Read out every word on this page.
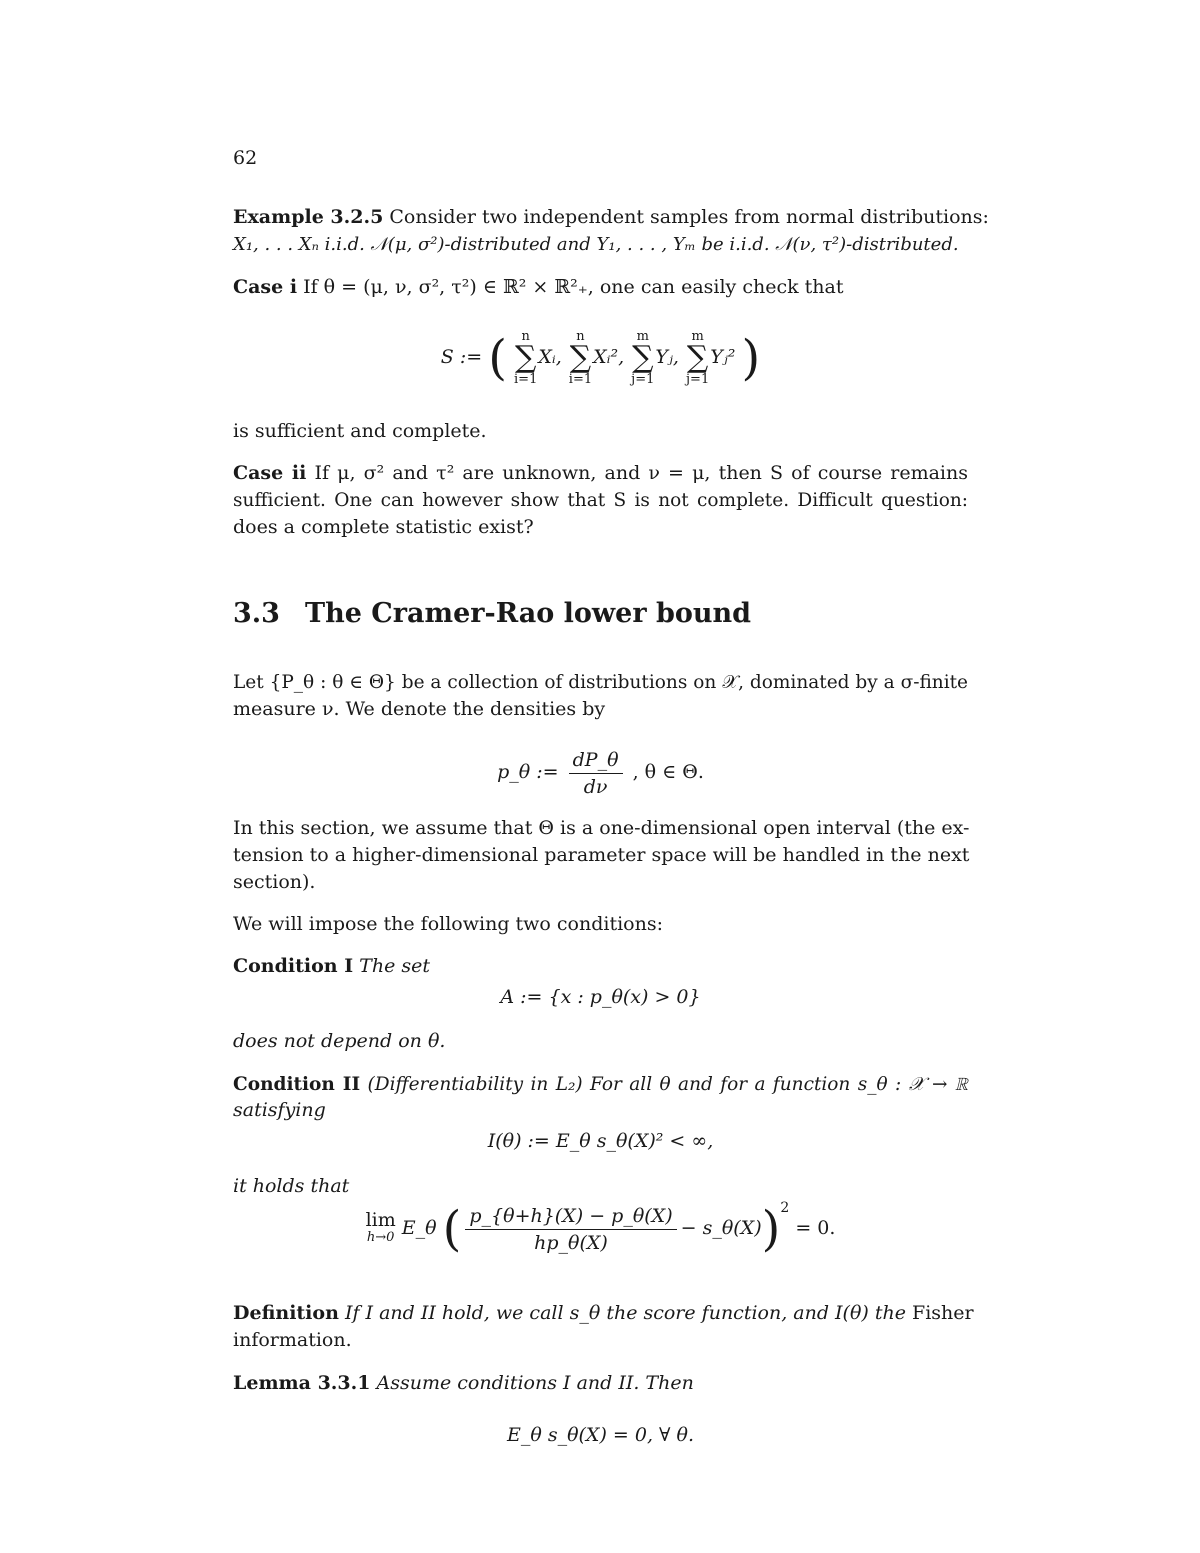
62
Example 3.2.5 Consider two independent samples from normal distributions:
X₁, . . . Xₙ i.i.d. 𝒩(μ, σ²)-distributed and Y₁, . . . , Yₘ be i.i.d. 𝒩(ν, τ²)-distributed.
Case i If θ = (μ, ν, σ², τ²) ∈ ℝ² × ℝ²₊, one can easily check that
S := ( n
∑
i=1
Xᵢ,
n
∑
i=1
Xᵢ²,
m
∑
j=1
Yⱼ,
m
∑
j=1
Yⱼ² )
is sufficient and complete.
Case ii If μ, σ² and τ² are unknown, and ν = μ, then S of course remains
sufficient. One can however show that S is not complete. Difficult question:
does a complete statistic exist?
3.3 The Cramer-Rao lower bound
Let {P_θ : θ ∈ Θ} be a collection of distributions on 𝒳, dominated by a σ-finite
measure ν. We denote the densities by
p_θ := $\frac{dP\_\theta}{d\nu}$ , θ ∈ Θ.
In this section, we assume that Θ is a one-dimensional open interval (the ex-
tension to a higher-dimensional parameter space will be handled in the next
section).
We will impose the following two conditions:
Condition I The set
A := {x : p_θ(x) > 0}
does not depend on θ.
Condition II (Differentiability in L₂) For all θ and for a function s_θ : 𝒳 → ℝ
satisfying
I(θ) := E_θ s_θ(X)² < ∞,
it holds that
lim
h→0 E_θ ( $\frac{p\_\{\theta+h\}(X) - p\_\theta(X)}{hp\_\theta(X)}$ − s_θ(X))$^2$ = 0.
Definition If I and II hold, we call s_θ the score function, and I(θ) the Fisher
information.
Lemma 3.3.1 Assume conditions I and II. Then
E_θ s_θ(X) = 0, ∀ θ.
